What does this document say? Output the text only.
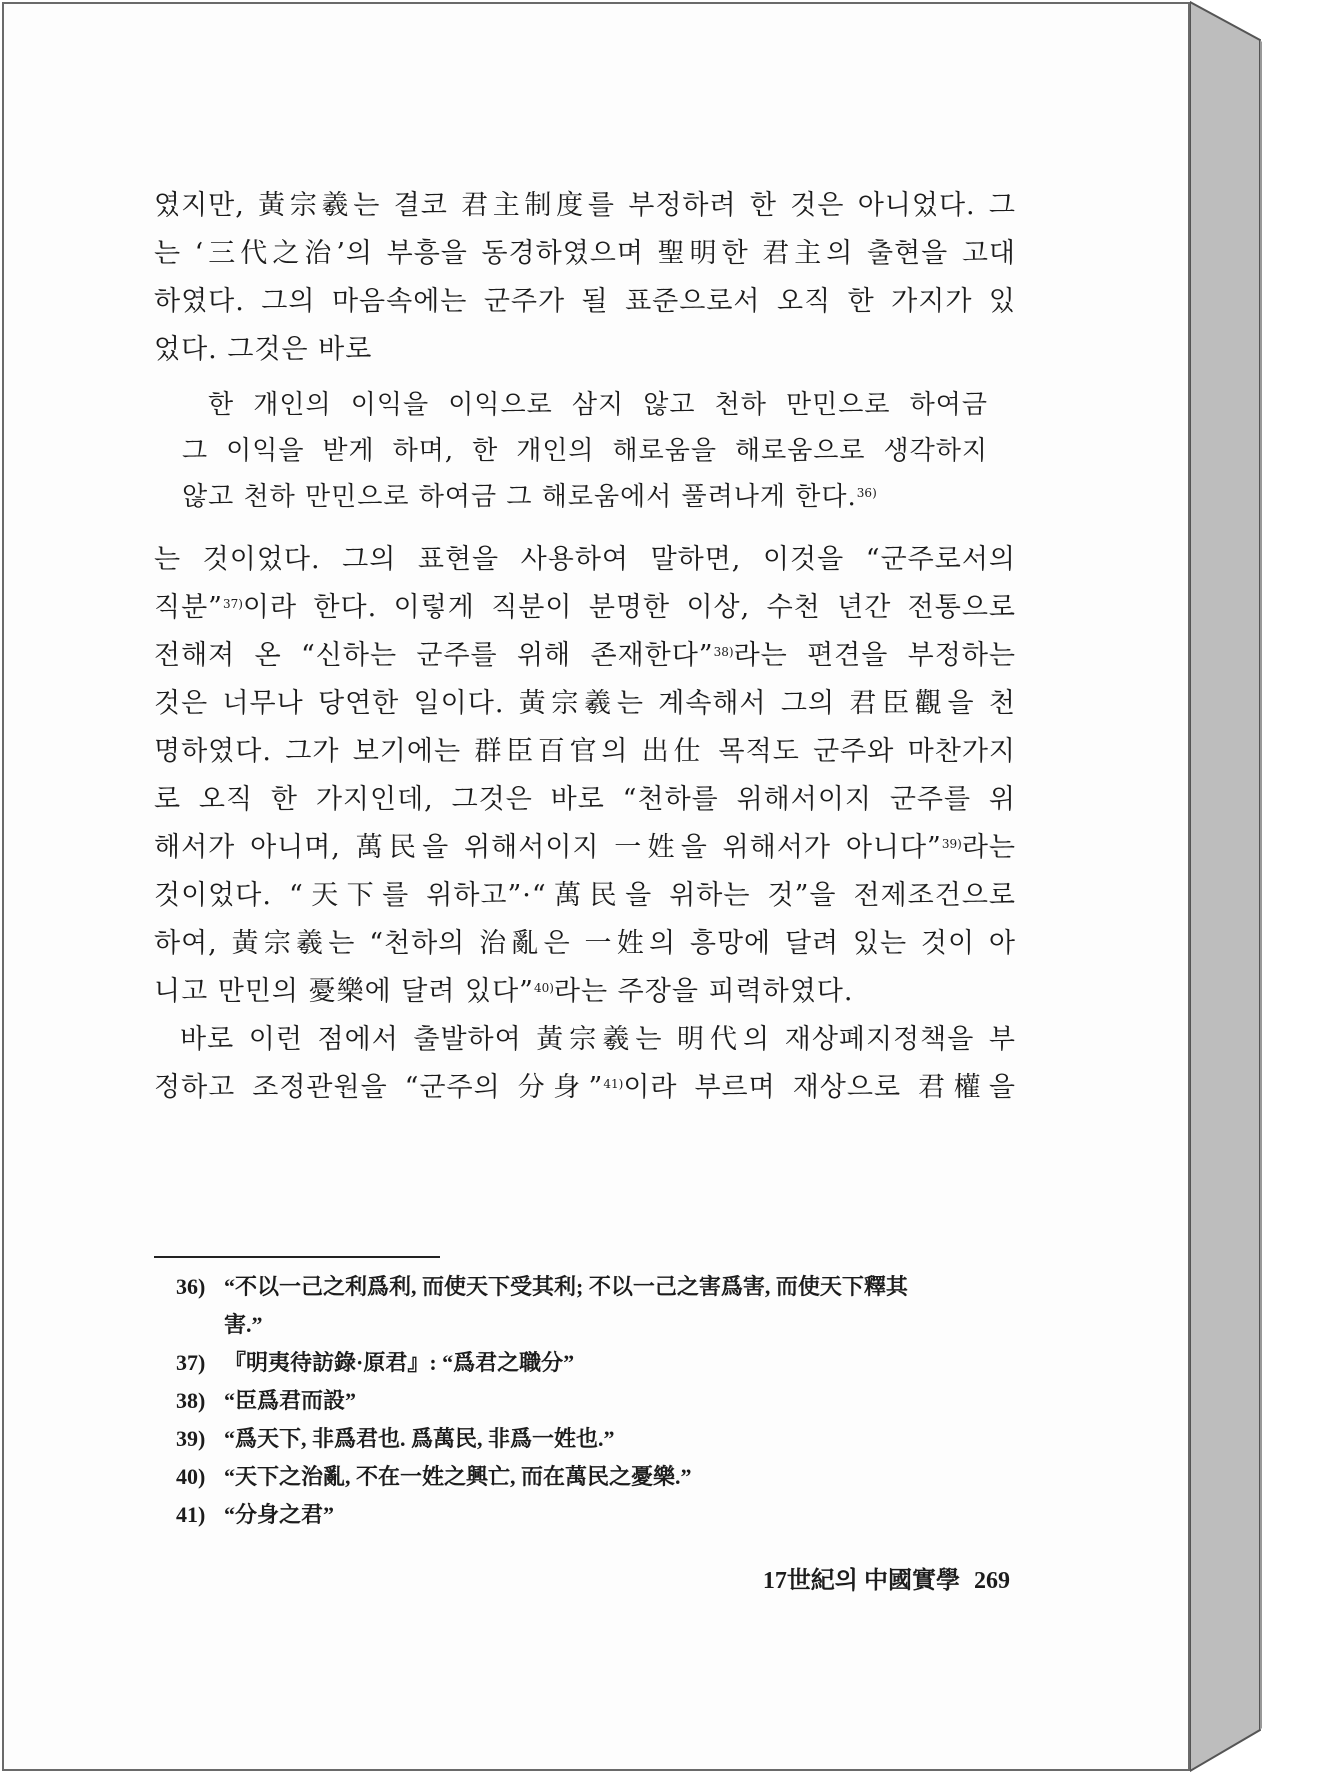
였지만, 黃宗羲는 결코 君主制度를 부정하려 한 것은 아니었다. 그
는 ‘三代之治’의 부흥을 동경하였으며 聖明한 君主의 출현을 고대
하였다. 그의 마음속에는 군주가 될 표준으로서 오직 한 가지가 있
었다. 그것은 바로
한 개인의 이익을 이익으로 삼지 않고 천하 만민으로 하여금
그 이익을 받게 하며, 한 개인의 해로움을 해로움으로 생각하지
않고 천하 만민으로 하여금 그 해로움에서 풀려나게 한다.$^{36)}$
는 것이었다. 그의 표현을 사용하여 말하면, 이것을 “군주로서의
직분”$^{37)}$이라 한다. 이렇게 직분이 분명한 이상, 수천 년간 전통으로
전해져 온 “신하는 군주를 위해 존재한다”$^{38)}$라는 편견을 부정하는
것은 너무나 당연한 일이다. 黃宗羲는 계속해서 그의 君臣觀을 천
명하였다. 그가 보기에는 群臣百官의 出仕 목적도 군주와 마찬가지
로 오직 한 가지인데, 그것은 바로 “천하를 위해서이지 군주를 위
해서가 아니며, 萬民을 위해서이지 一姓을 위해서가 아니다”$^{39)}$라는
것이었다. “天下를 위하고”·“萬民을 위하는 것”을 전제조건으로
하여, 黃宗羲는 “천하의 治亂은 一姓의 흥망에 달려 있는 것이 아
니고 만민의 憂樂에 달려 있다”$^{40)}$라는 주장을 피력하였다.
바로 이런 점에서 출발하여 黃宗羲는 明代의 재상폐지정책을 부
정하고 조정관원을 “군주의 分身”$^{41)}$이라 부르며 재상으로 君權을
36) “不以一己之利爲利, 而使天下受其利; 不以一己之害爲害, 而使天下釋其
害.”
37) 『明夷待訪錄·原君』: “爲君之職分”
38) “臣爲君而設”
39) “爲天下, 非爲君也. 爲萬民, 非爲一姓也.”
40) “天下之治亂, 不在一姓之興亡, 而在萬民之憂樂.”
41) “分身之君”
17世紀의 中國實學 269
